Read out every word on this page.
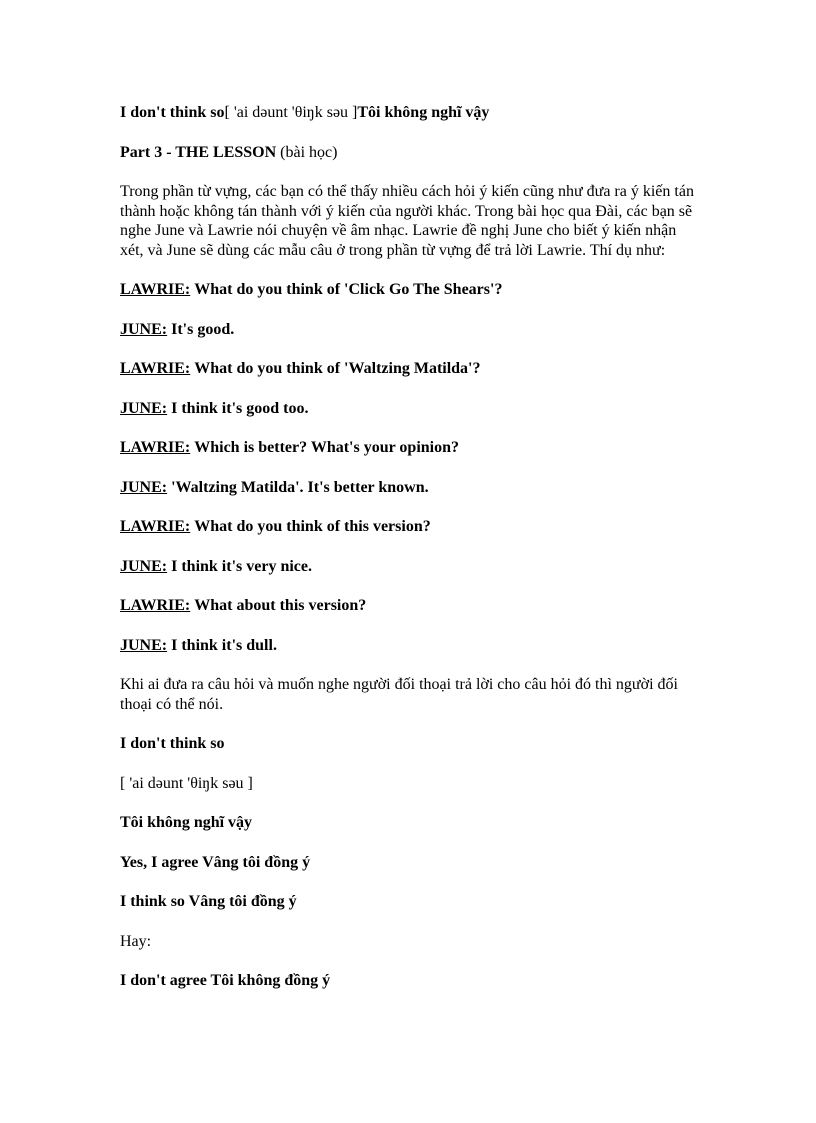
I don't think so[ 'ai dəunt 'θiŋk səu ]Tôi không nghĩ vậy

Part 3 - THE LESSON (bài học)

Trong phần từ vựng, các bạn có thể thấy nhiều cách hỏi ý kiến cũng như đưa ra ý kiến tán thành hoặc không tán thành với ý kiến của người khác. Trong bài học qua Đài, các bạn sẽ nghe June và Lawrie nói chuyện về âm nhạc. Lawrie đề nghị June cho biết ý kiến nhận xét, và June sẽ dùng các mẫu câu ở trong phần từ vựng để trả lời Lawrie. Thí dụ như:

LAWRIE: What do you think of 'Click Go The Shears'?

JUNE: It's good.

LAWRIE: What do you think of 'Waltzing Matilda'?

JUNE: I think it's good too.

LAWRIE: Which is better? What's your opinion?

JUNE: 'Waltzing Matilda'. It's better known.

LAWRIE: What do you think of this version?

JUNE: I think it's very nice.

LAWRIE: What about this version?

JUNE: I think it's dull.

Khi ai đưa ra câu hỏi và muốn nghe người đối thoại trả lời cho câu hỏi đó thì người đối thoại có thể nói.

I don't think so

[ 'ai dəunt 'θiŋk səu ]

Tôi không nghĩ vậy

Yes, I agree Vâng tôi đồng ý

I think so Vâng tôi đồng ý

Hay:

I don't agree Tôi không đồng ý
